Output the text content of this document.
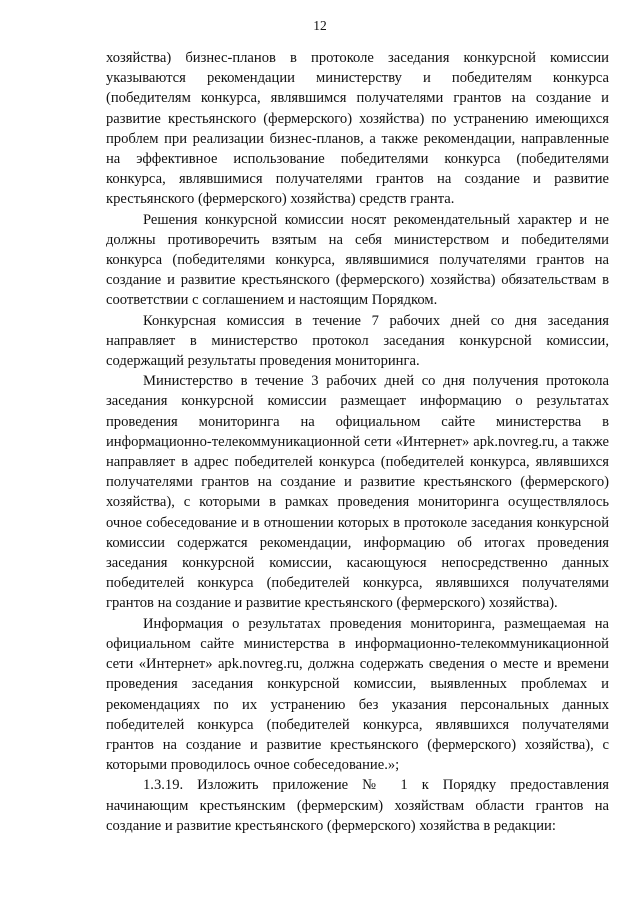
12

хозяйства) бизнес-планов в протоколе заседания конкурсной комиссии указываются рекомендации министерству и победителям конкурса (победителям конкурса, являвшимся получателями грантов на создание и развитие крестьянского (фермерского) хозяйства) по устранению имеющихся проблем при реализации бизнес-планов, а также рекомендации, направленные на эффективное использование победителями конкурса (победителями конкурса, являвшимися получателями грантов на создание и развитие крестьянского (фермерского) хозяйства) средств гранта.

Решения конкурсной комиссии носят рекомендательный характер и не должны противоречить взятым на себя министерством и победителями конкурса (победителями конкурса, являвшимися получателями грантов на создание и развитие крестьянского (фермерского) хозяйства) обязательствам в соответствии с соглашением и настоящим Порядком.

Конкурсная комиссия в течение 7 рабочих дней со дня заседания направляет в министерство протокол заседания конкурсной комиссии, содержащий результаты проведения мониторинга.

Министерство в течение 3 рабочих дней со дня получения протокола заседания конкурсной комиссии размещает информацию о результатах проведения мониторинга на официальном сайте министерства в информационно-телекоммуникационной сети «Интернет» apk.novreg.ru, а также направляет в адрес победителей конкурса (победителей конкурса, являвшихся получателями грантов на создание и развитие крестьянского (фермерского) хозяйства), с которыми в рамках проведения мониторинга осуществлялось очное собеседование и в отношении которых в протоколе заседания конкурсной комиссии содержатся рекомендации, информацию об итогах проведения заседания конкурсной комиссии, касающуюся непосредственно данных победителей конкурса (победителей конкурса, являвшихся получателями грантов на создание и развитие крестьянского (фермерского) хозяйства).

Информация о результатах проведения мониторинга, размещаемая на официальном сайте министерства в информационно-телекоммуникационной сети «Интернет» apk.novreg.ru, должна содержать сведения о месте и времени проведения заседания конкурсной комиссии, выявленных проблемах и рекомендациях по их устранению без указания персональных данных победителей конкурса (победителей конкурса, являвшихся получателями грантов на создание и развитие крестьянского (фермерского) хозяйства), с которыми проводилось очное собеседование.»;

1.3.19. Изложить приложение № 1 к Порядку предоставления начинающим крестьянским (фермерским) хозяйствам области грантов на создание и развитие крестьянского (фермерского) хозяйства в редакции:
